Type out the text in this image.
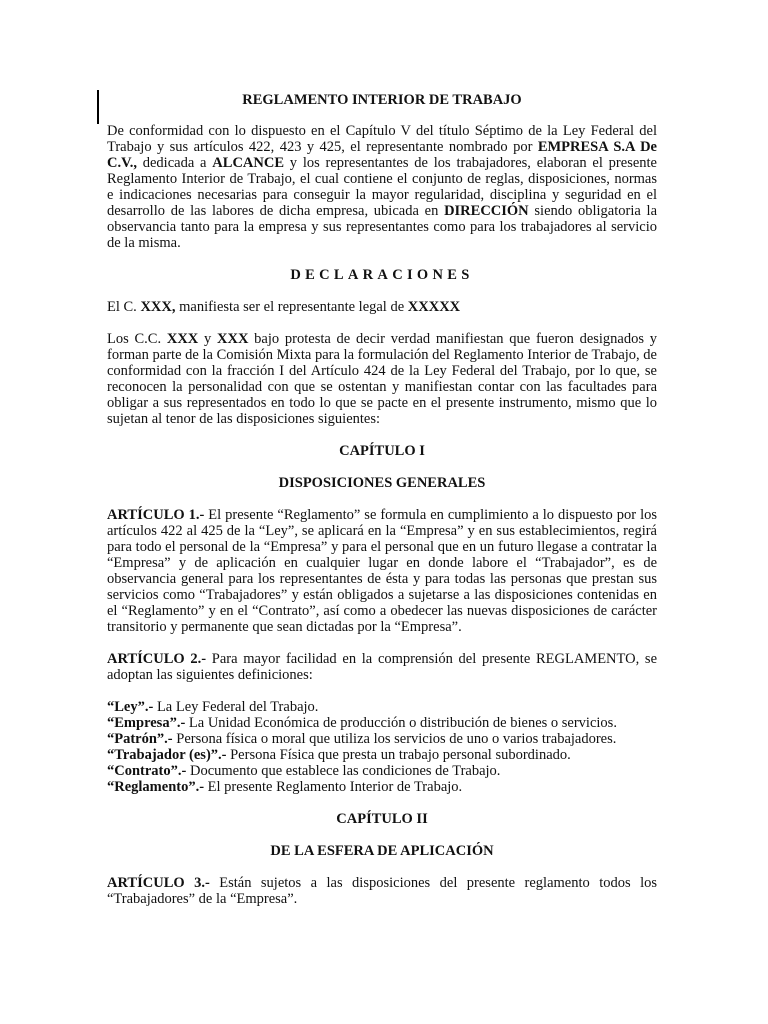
REGLAMENTO INTERIOR DE TRABAJO

De conformidad con lo dispuesto en el Capítulo V del título Séptimo de la Ley Federal del Trabajo y sus artículos 422, 423 y 425, el representante nombrado por EMPRESA S.A De C.V., dedicada a ALCANCE y los representantes de los trabajadores, elaboran el presente Reglamento Interior de Trabajo, el cual contiene el conjunto de reglas, disposiciones, normas e indicaciones necesarias para conseguir la mayor regularidad, disciplina y seguridad en el desarrollo de las labores de dicha empresa, ubicada en DIRECCIÓN siendo obligatoria la observancia tanto para la empresa y sus representantes como para los trabajadores al servicio de la misma.

DECLARACIONES

El C. XXX, manifiesta ser el representante legal de XXXXX

Los C.C. XXX y XXX bajo protesta de decir verdad manifiestan que fueron designados y forman parte de la Comisión Mixta para la formulación del Reglamento Interior de Trabajo, de conformidad con la fracción I del Artículo 424 de la Ley Federal del Trabajo, por lo que, se reconocen la personalidad con que se ostentan y manifiestan contar con las facultades para obligar a sus representados en todo lo que se pacte en el presente instrumento, mismo que lo sujetan al tenor de las disposiciones siguientes:

CAPÍTULO I
DISPOSICIONES GENERALES

ARTÍCULO 1.- El presente “Reglamento” se formula en cumplimiento a lo dispuesto por los artículos 422 al 425 de la “Ley”, se aplicará en la “Empresa” y en sus establecimientos, regirá para todo el personal de la “Empresa” y para el personal que en un futuro llegase a contratar la “Empresa” y de aplicación en cualquier lugar en donde labore el “Trabajador”, es de observancia general para los representantes de ésta y para todas las personas que prestan sus servicios como “Trabajadores” y están obligados a sujetarse a las disposiciones contenidas en el “Reglamento” y en el “Contrato”, así como a obedecer las nuevas disposiciones de carácter transitorio y permanente que sean dictadas por la “Empresa”.

ARTÍCULO 2.- Para mayor facilidad en la comprensión del presente REGLAMENTO, se adoptan las siguientes definiciones:

“Ley”.- La Ley Federal del Trabajo.

“Empresa”.- La Unidad Económica de producción o distribución de bienes o servicios.

“Patrón”.- Persona física o moral que utiliza los servicios de uno o varios trabajadores.

“Trabajador (es)”.- Persona Física que presta un trabajo personal subordinado.

“Contrato”.- Documento que establece las condiciones de Trabajo.

“Reglamento”.- El presente Reglamento Interior de Trabajo.

CAPÍTULO II
DE LA ESFERA DE APLICACIÓN

ARTÍCULO 3.- Están sujetos a las disposiciones del presente reglamento todos los “Trabajadores” de la “Empresa”.
